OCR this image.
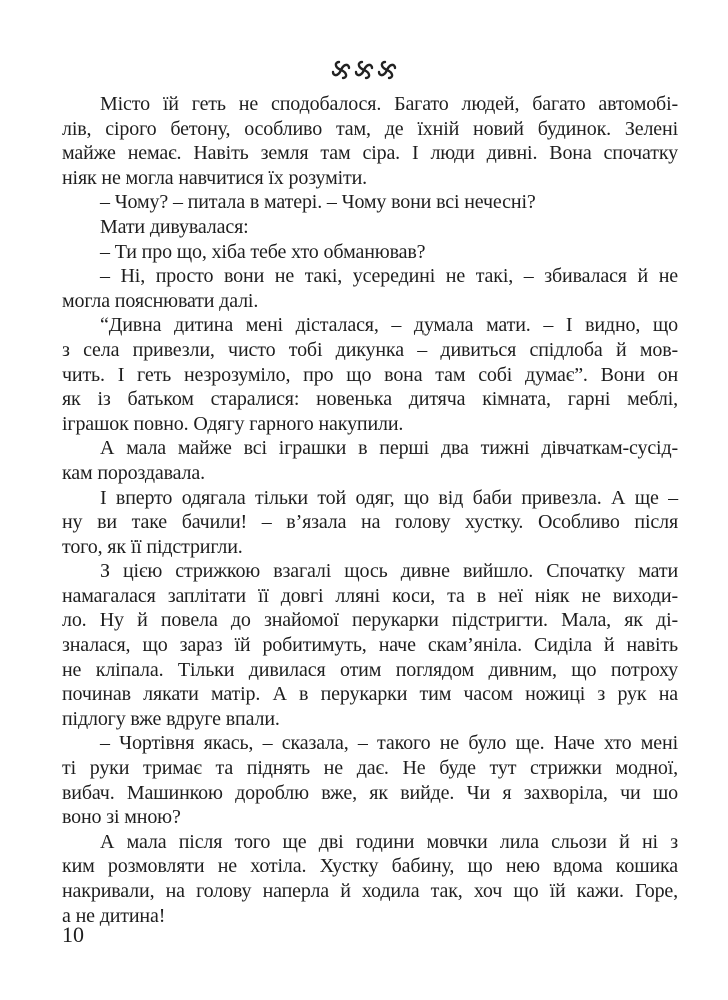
Місто їй геть не сподобалося. Багато людей, багато автомобі-
лів, сірого бетону, особливо там, де їхній новий будинок. Зелені
майже немає. Навіть земля там сіра. І люди дивні. Вона спочатку
ніяк не могла навчитися їх розуміти.
– Чому? – питала в матері. – Чому вони всі нечесні?
Мати дивувалася:
– Ти про що, хіба тебе хто обманював?
– Ні, просто вони не такі, усередині не такі, – збивалася й не
могла пояснювати далі.
“Дивна дитина мені дісталася, – думала мати. – І видно, що
з села привезли, чисто тобі дикунка – дивиться спідлоба й мов-
чить. І геть незрозуміло, про що вона там собі думає”. Вони он
як із батьком старалися: новенька дитяча кімната, гарні меблі,
іграшок повно. Одягу гарного накупили.
А мала майже всі іграшки в перші два тижні дівчаткам-сусід-
кам пороздавала.
І вперто одягала тільки той одяг, що від баби привезла. А ще –
ну ви таке бачили! – в’язала на голову хустку. Особливо після
того, як її підстригли.
З цією стрижкою взагалі щось дивне вийшло. Спочатку мати
намагалася заплітати її довгі лляні коси, та в неї ніяк не виходи-
ло. Ну й повела до знайомої перукарки підстригти. Мала, як ді-
зналася, що зараз їй робитимуть, наче скам’яніла. Сиділа й навіть
не кліпала. Тільки дивилася отим поглядом дивним, що потроху
починав лякати матір. А в перукарки тим часом ножиці з рук на
підлогу вже вдруге впали.
– Чортівня якась, – сказала, – такого не було ще. Наче хто мені
ті руки тримає та піднять не дає. Не буде тут стрижки модної,
вибач. Машинкою дороблю вже, як вийде. Чи я захворіла, чи шо
воно зі мною?
А мала після того ще дві години мовчки лила сльози й ні з
ким розмовляти не хотіла. Хустку бабину, що нею вдома кошика
накривали, на голову наперла й ходила так, хоч що їй кажи. Горе,
а не дитина!
10
